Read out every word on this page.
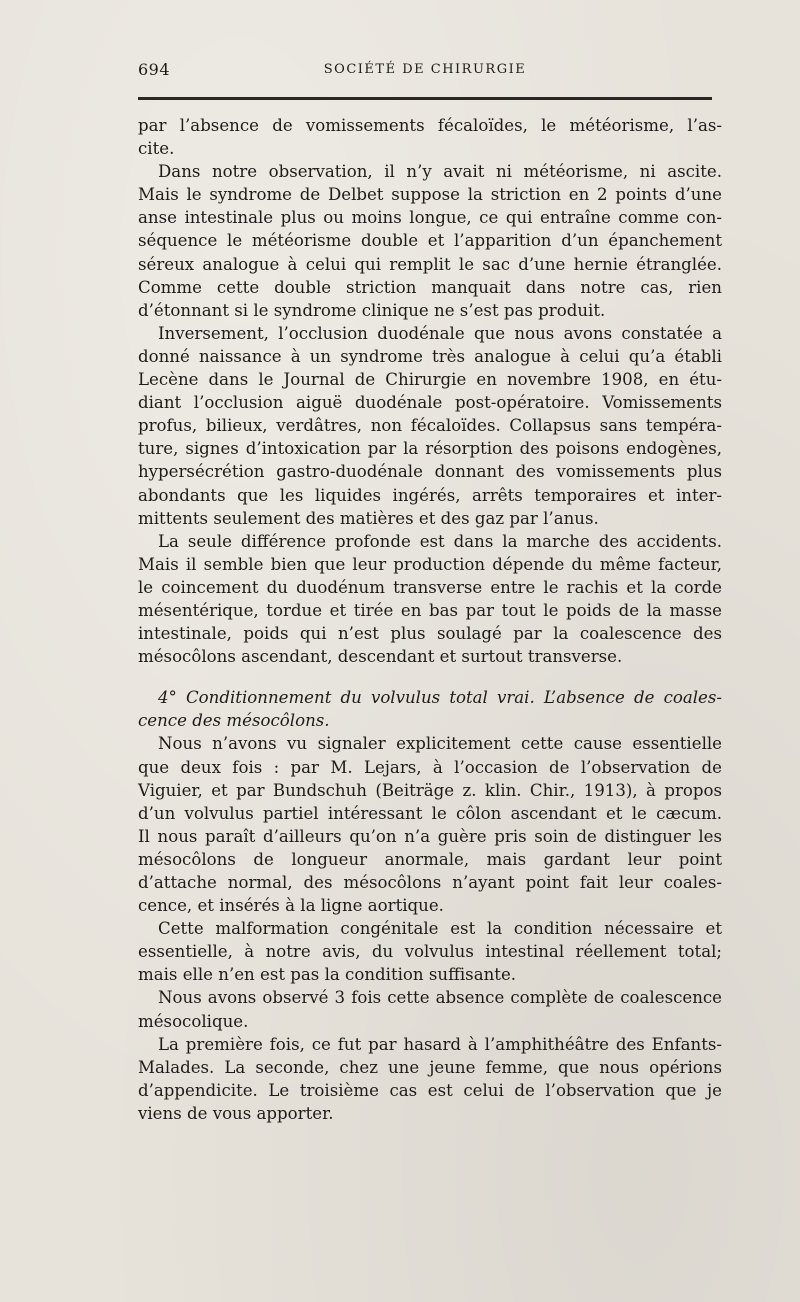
694	SOCIÉTÉ DE CHIRURGIE
par l’absence de vomissements fécaloïdes, le météorisme, l’as-
cite.
Dans notre observation, il n’y avait ni météorisme, ni ascite.
Mais le syndrome de Delbet suppose la striction en 2 points d’une
anse intestinale plus ou moins longue, ce qui entraîne comme con-
séquence le météorisme double et l’apparition d’un épanchement
séreux analogue à celui qui remplit le sac d’une hernie étranglée.
Comme cette double striction manquait dans notre cas, rien
d’étonnant si le syndrome clinique ne s’est pas produit.
Inversement, l’occlusion duodénale que nous avons constatée a
donné naissance à un syndrome très analogue à celui qu’a établi
Lecène dans le Journal de Chirurgie en novembre 1908, en étu-
diant l’occlusion aiguë duodénale post-opératoire. Vomissements
profus, bilieux, verdâtres, non fécaloïdes. Collapsus sans tempéra-
ture, signes d’intoxication par la résorption des poisons endogènes,
hypersécrétion gastro-duodénale donnant des vomissements plus
abondants que les liquides ingérés, arrêts temporaires et inter-
mittents seulement des matières et des gaz par l’anus.
La seule différence profonde est dans la marche des accidents.
Mais il semble bien que leur production dépende du même facteur,
le coincement du duodénum transverse entre le rachis et la corde
mésentérique, tordue et tirée en bas par tout le poids de la masse
intestinale, poids qui n’est plus soulagé par la coalescence des
mésocôlons ascendant, descendant et surtout transverse.
4° Conditionnement du volvulus total vrai. L’absence de coales-
cence des mésocôlons.
Nous n’avons vu signaler explicitement cette cause essentielle
que deux fois : par M. Lejars, à l’occasion de l’observation de
Viguier, et par Bundschuh (Beiträge z. klin. Chir., 1913), à propos
d’un volvulus partiel intéressant le côlon ascendant et le cæcum.
Il nous paraît d’ailleurs qu’on n’a guère pris soin de distinguer les
mésocôlons de longueur anormale, mais gardant leur point
d’attache normal, des mésocôlons n’ayant point fait leur coales-
cence, et insérés à la ligne aortique.
Cette malformation congénitale est la condition nécessaire et
essentielle, à notre avis, du volvulus intestinal réellement total;
mais elle n’en est pas la condition suffisante.
Nous avons observé 3 fois cette absence complète de coalescence
mésocolique.
La première fois, ce fut par hasard à l’amphithéâtre des Enfants-
Malades. La seconde, chez une jeune femme, que nous opérions
d’appendicite. Le troisième cas est celui de l’observation que je
viens de vous apporter.
